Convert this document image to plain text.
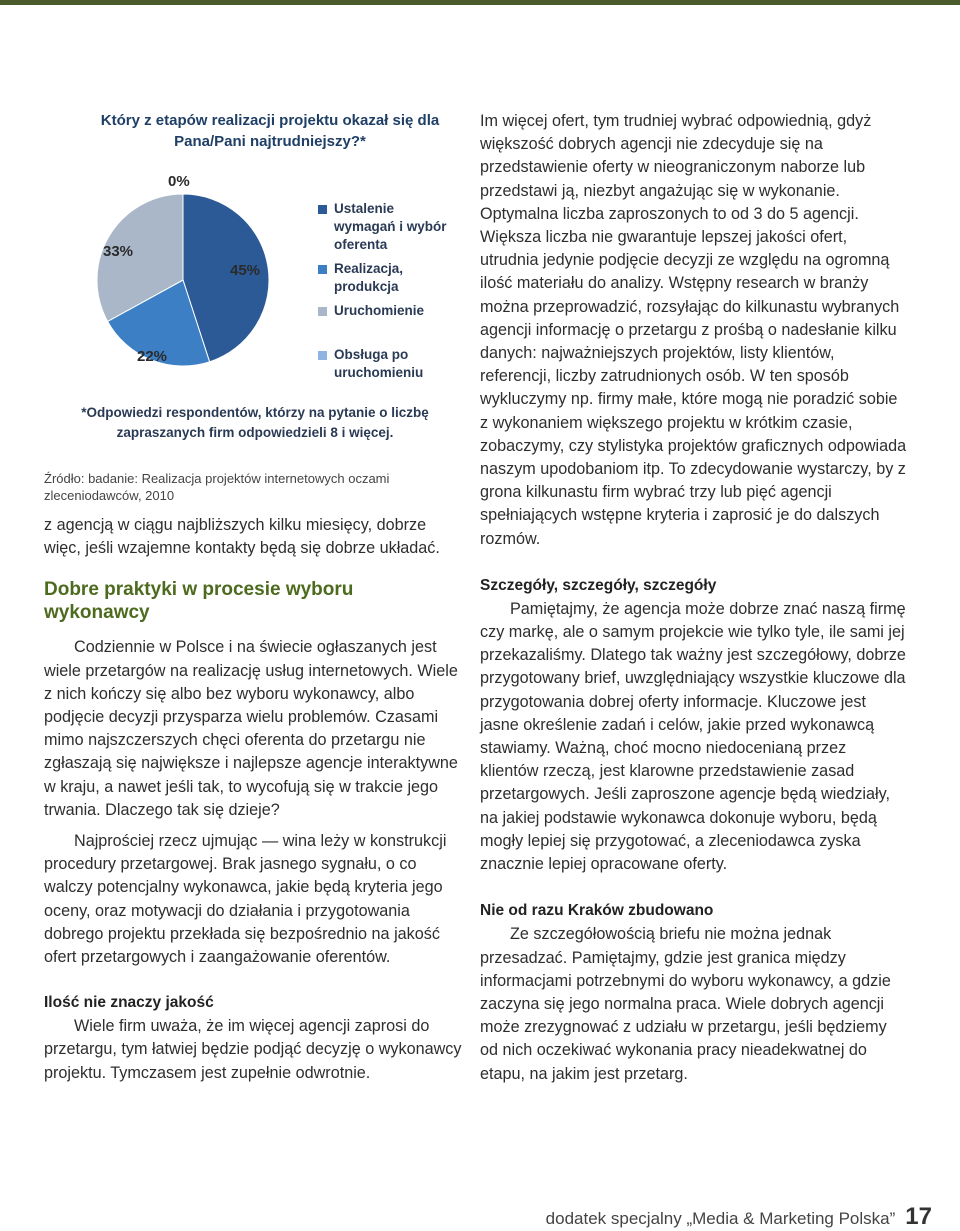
Który z etapów realizacji projektu okazał się dla Pana/Pani najtrudniejszy?*
0%
45%
33%
22%
Ustalenie wymagań i wybór oferenta
Realizacja, produkcja
Uruchomienie
Obsługa po uruchomieniu
*Odpowiedzi respondentów, którzy na pytanie o liczbę zapraszanych firm odpowiedzieli 8 i więcej.
Źródło: badanie: Realizacja projektów internetowych oczami zleceniodawców, 2010

z agencją w ciągu najbliższych kilku miesięcy, dobrze więc, jeśli wzajemne kontakty będą się dobrze układać.

Dobre praktyki w procesie wyboru wykonawcy

Codziennie w Polsce i na świecie ogłaszanych jest wiele przetargów na realizację usług internetowych. Wiele z nich kończy się albo bez wyboru wykonawcy, albo podjęcie decyzji przysparza wielu problemów. Czasami mimo najszczerszych chęci oferenta do przetargu nie zgłaszają się największe i najlepsze agencje interaktywne w kraju, a nawet jeśli tak, to wycofują się w trakcie jego trwania. Dlaczego tak się dzieje?

Najprościej rzecz ujmując — wina leży w konstrukcji procedury przetargowej. Brak jasnego sygnału, o co walczy potencjalny wykonawca, jakie będą kryteria jego oceny, oraz motywacji do działania i przygotowania dobrego projektu przekłada się bezpośrednio na jakość ofert przetargowych i zaangażowanie oferentów.

Ilość nie znaczy jakość

Wiele firm uważa, że im więcej agencji zaprosi do przetargu, tym łatwiej będzie podjąć decyzję o wykonawcy projektu. Tymczasem jest zupełnie odwrotnie.

Im więcej ofert, tym trudniej wybrać odpowiednią, gdyż większość dobrych agencji nie zdecyduje się na przedstawienie oferty w nieograniczonym naborze lub przedstawi ją, niezbyt angażując się w wykonanie. Optymalna liczba zaproszonych to od 3 do 5 agencji. Większa liczba nie gwarantuje lepszej jakości ofert, utrudnia jedynie podjęcie decyzji ze względu na ogromną ilość materiału do analizy. Wstępny research w branży można przeprowadzić, rozsyłając do kilkunastu wybranych agencji informację o przetargu z prośbą o nadesłanie kilku danych: najważniejszych projektów, listy klientów, referencji, liczby zatrudnionych osób. W ten sposób wykluczymy np. firmy małe, które mogą nie poradzić sobie z wykonaniem większego projektu w krótkim czasie, zobaczymy, czy stylistyka projektów graficznych odpowiada naszym upodobaniom itp. To zdecydowanie wystarczy, by z grona kilkunastu firm wybrać trzy lub pięć agencji spełniających wstępne kryteria i zaprosić je do dalszych rozmów.

Szczegóły, szczegóły, szczegóły

Pamiętajmy, że agencja może dobrze znać naszą firmę czy markę, ale o samym projekcie wie tylko tyle, ile sami jej przekazaliśmy. Dlatego tak ważny jest szczegółowy, dobrze przygotowany brief, uwzględniający wszystkie kluczowe dla przygotowania dobrej oferty informacje. Kluczowe jest jasne określenie zadań i celów, jakie przed wykonawcą stawiamy. Ważną, choć mocno niedocenianą przez klientów rzeczą, jest klarowne przedstawienie zasad przetargowych. Jeśli zaproszone agencje będą wiedziały, na jakiej podstawie wykonawca dokonuje wyboru, będą mogły lepiej się przygotować, a zleceniodawca zyska znacznie lepiej opracowane oferty.

Nie od razu Kraków zbudowano

Ze szczegółowością briefu nie można jednak przesadzać. Pamiętajmy, gdzie jest granica między informacjami potrzebnymi do wyboru wykonawcy, a gdzie zaczyna się jego normalna praca. Wiele dobrych agencji może zrezygnować z udziału w przetargu, jeśli będziemy od nich oczekiwać wykonania pracy nieadekwatnej do etapu, na jakim jest przetarg.

dodatek specjalny „Media & Marketing Polska” 17
